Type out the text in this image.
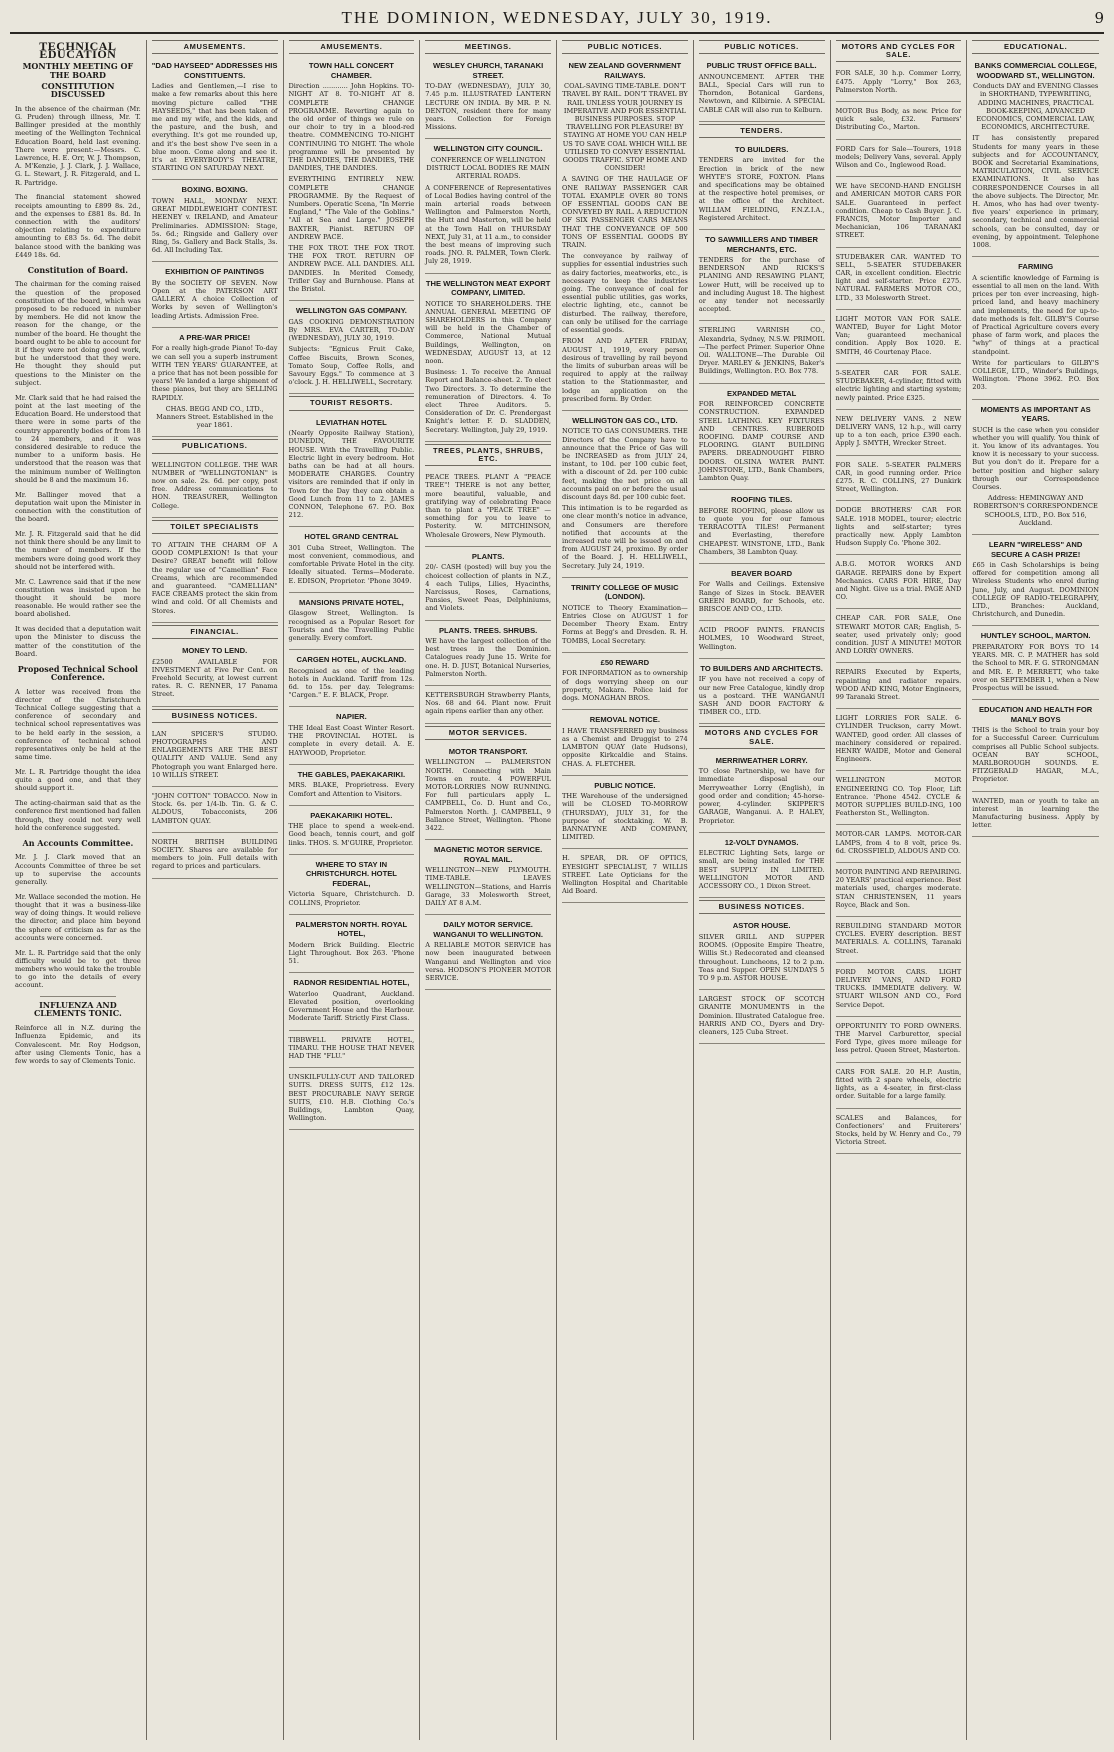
THE DOMINION, WEDNESDAY, JULY 30, 1919.	9
TECHNICAL EDUCATION
MONTHLY MEETING OF THE BOARD
CONSTITUTION DISCUSSED

In the absence of the chairman (Mr. G. Pruden) through illness, Mr. T. Ballinger presided at the monthly meeting of the Wellington Technical Education Board, held last evening. There were present:—Messrs. C. Lawrence, H. E. Orr, W. J. Thompson, A. M'Kenzie, J. J. Clark, J. J. Wallace, G. L. Stewart, J. R. Fitzgerald, and L. R. Partridge.

The financial statement showed receipts amounting to £899 8s. 2d., and the expenses to £881 8s. 8d. In connection with the auditors' objection relating to expenditure amounting to £83 5s. 6d. The debit balance stood with the banking was £449 18s. 6d.

Constitution of Board.

The chairman for the coming raised the question of the proposed constitution of the board, which was proposed to be reduced in number by members. He did not know the reason for the change, or the number of the board. He thought the board ought to be able to account for it if they were not doing good work, but he understood that they were. He thought they should put questions to the Minister on the subject.

Mr. Clark said that he had raised the point at the last meeting of the Education Board. He understood that there were in some parts of the country apparently bodies of from 18 to 24 members, and it was considered desirable to reduce the number to a uniform basis. He understood that the reason was that the minimum number of Wellington should be 8 and the maximum 16.

Mr. Ballinger moved that a deputation wait upon the Minister in connection with the constitution of the board.

Mr. J. R. Fitzgerald said that he did not think there should be any limit to the number of members. If the members were doing good work they should not be interfered with.

Mr. C. Lawrence said that if the new constitution was insisted upon he thought it should be more reasonable. He would rather see the board abolished.

It was decided that a deputation wait upon the Minister to discuss the matter of the constitution of the Board.

Proposed Technical School Conference.

A letter was received from the director of the Christchurch Technical College suggesting that a conference of secondary and technical school representatives was to be held early in the session, a conference of technical school representatives only be held at the same time.

Mr. L. R. Partridge thought the idea quite a good one, and that they should support it.

The acting-chairman said that as the conference first mentioned had fallen through, they could not very well hold the conference suggested.

An Accounts Committee.

Mr. J. J. Clark moved that an Accounts Committee of three be set up to supervise the accounts generally.

Mr. Wallace seconded the motion. He thought that it was a business-like way of doing things. It would relieve the director, and place him beyond the sphere of criticism as far as the accounts were concerned.

Mr. L. R. Partridge said that the only difficulty would be to get three members who would take the trouble to go into the details of every account.

INFLUENZA AND CLEMENTS TONIC.

Reinforce all in N.Z. during the Influenza Epidemic, and its Convalescent. Mr. Roy Hodgson, after using Clements Tonic, has a few words to say of Clements Tonic.

AMUSEMENTS.
"DAD HAYSEED" ADDRESSES HIS CONSTITUENTS.

Ladies and Gentlemen,—I rise to make a few remarks about this here moving picture called "THE HAYSEEDS," that has been taken of me and my wife, and the kids, and the pasture, and the bush, and everything. It's got me rounded up, and it's the best show I've seen in a blue moon. Come along and see it. It's at EVERYBODY'S THEATRE, STARTING ON SATURDAY NEXT.

BOXING. BOXING.

TOWN HALL, MONDAY NEXT. GREAT MIDDLEWEIGHT CONTEST. HEENEY v. IRELAND, and Amateur Preliminaries. ADMISSION: Stage, 5s. 6d.; Ringside and Gallery over Ring, 5s. Gallery and Back Stalls, 3s. 6d. All Including Tax.

EXHIBITION OF PAINTINGS

By the SOCIETY OF SEVEN. Now Open at the PATERSON ART GALLERY. A choice Collection of Works by seven of Wellington's leading Artists. Admission Free.

A PRE-WAR PRICE!

For a really high-grade Piano! To-day we can sell you a superb instrument WITH TEN YEARS' GUARANTEE, at a price that has not been possible for years! We landed a large shipment of these pianos, but they are SELLING RAPIDLY.

CHAS. BEGG AND CO., LTD., Manners Street. Established in the year 1861.

PUBLICATIONS.

WELLINGTON COLLEGE. THE WAR NUMBER of "WELLINGTONIAN" is now on sale. 2s. 6d. per copy, post free. Address communications to HON. TREASURER, Wellington College.

TOILET SPECIALISTS

TO ATTAIN THE CHARM OF A GOOD COMPLEXION! Is that your Desire? GREAT benefit will follow the regular use of "Camellian" Face Creams, which are recommended and guaranteed. "CAMELLIAN" FACE CREAMS protect the skin from wind and cold. Of all Chemists and Stores.

FINANCIAL.
MONEY TO LEND.

£2500 AVAILABLE FOR INVESTMENT at Five Per Cent. on Freehold Security, at lowest current rates. R. C. RENNER, 17 Panama Street.

BUSINESS NOTICES.

LAN SPICER'S STUDIO. PHOTOGRAPHS AND ENLARGEMENTS ARE THE BEST QUALITY AND VALUE. Send any Photograph you want Enlarged here. 10 WILLIS STREET.

"JOHN COTTON" TOBACCO. Now in Stock. 6s. per 1/4-lb. Tin. G. & C. ALDOUS, Tobacconists, 206 LAMBTON QUAY.

NORTH BRITISH BUILDING SOCIETY. Shares are available for members to join. Full details with regard to prices and particulars.

AMUSEMENTS.
TOWN HALL CONCERT CHAMBER.

Direction ............ John Hopkins. TO-NIGHT AT 8. TO-NIGHT AT 8. COMPLETE CHANGE PROGRAMME. Reverting again to the old order of things we rule on our choir to try in a blood-red theatre. COMMENCING TO-NIGHT CONTINUING TO NIGHT. The whole programme will be presented by THE DANDIES, THE DANDIES, THE DANDIES, THE DANDIES.

EVERYTHING ENTIRELY NEW. COMPLETE CHANGE PROGRAMME. By the Request of Numbers. Operatic Scena, "In Merrie England," "The Vale of the Goblins." "All at Sea and Large." JOSEPH BAXTER, Pianist. RETURN OF ANDREW PACE.

THE FOX TROT. THE FOX TROT. THE FOX TROT. RETURN OF ANDREW PACE. ALL DANDIES. ALL DANDIES. In Merited Comedy, Trifler Gay and Burnhouse. Plans at the Bristol.

WELLINGTON GAS COMPANY.

GAS COOKING DEMONSTRATION By MRS. EVA CARTER, TO-DAY (WEDNESDAY), JULY 30, 1919.

Subjects: "Egnicus Fruit Cake, Coffee Biscuits, Brown Scones, Tomato Soup, Coffee Rolls, and Savoury Eggs." To commence at 3 o'clock. J. H. HELLIWELL, Secretary.

TOURIST RESORTS.
LEVIATHAN HOTEL

(Nearly Opposite Railway Station), DUNEDIN, THE FAVOURITE HOUSE. With the Travelling Public. Electric light in every bedroom. Hot baths can be had at all hours. MODERATE CHARGES. Country visitors are reminded that if only in Town for the Day they can obtain a Good Lunch from 11 to 2. JAMES CONNON, Telephone 67. P.O. Box 212.

HOTEL GRAND CENTRAL

301 Cuba Street, Wellington. The most convenient, commodious, and comfortable Private Hotel in the city. Ideally situated. Terms—Moderate. E. EDISON, Proprietor. 'Phone 3049.

MANSIONS PRIVATE HOTEL,

Glasgow Street, Wellington. Is recognised as a Popular Resort for Tourists and the Travelling Public generally. Every comfort.

CARGEN HOTEL, AUCKLAND.

Recognised as one of the leading hotels in Auckland. Tariff from 12s. 6d. to 15s. per day. Telegrams: "Cargen." E. F. BLACK, Propr.

NAPIER.

THE Ideal East Coast Winter Resort. THE PROVINCIAL HOTEL is complete in every detail. A. E. HAYWOOD, Proprietor.

THE GABLES, PAEKAKARIKI.

MRS. BLAKE, Proprietress. Every Comfort and Attention to Visitors.

PAEKAKARIKI HOTEL.

THE place to spend a week-end. Good beach, tennis court, and golf links. THOS. S. M'GUIRE, Proprietor.

WHERE TO STAY IN CHRISTCHURCH. HOTEL FEDERAL,

Victoria Square, Christchurch. D. COLLINS, Proprietor.

PALMERSTON NORTH. ROYAL HOTEL,

Modern Brick Building. Electric Light Throughout. Box 263. 'Phone 51.

RADNOR RESIDENTIAL HOTEL,

Waterloo Quadrant, Auckland. Elevated position, overlooking Government House and the Harbour. Moderate Tariff. Strictly First Class.

TIBBWELL PRIVATE HOTEL, TIMARU. THE HOUSE THAT NEVER HAD THE "FLU."

UNSKILFULLY-CUT AND TAILORED SUITS. DRESS SUITS, £12 12s. BEST PROCURABLE NAVY SERGE SUITS, £10. H.B. Clothing Co.'s Buildings, Lambton Quay, Wellington.

MEETINGS.
WESLEY CHURCH, TARANAKI STREET.

TO-DAY (WEDNESDAY), JULY 30, 7.45 p.m. ILLUSTRATED LANTERN LECTURE ON INDIA. By MR. P. N. DENTON, resident there for many years. Collection for Foreign Missions.

WELLINGTON CITY COUNCIL.

CONFERENCE OF WELLINGTON DISTRICT LOCAL BODIES RE MAIN ARTERIAL ROADS.

A CONFERENCE of Representatives of Local Bodies having control of the main arterial roads between Wellington and Palmerston North, the Hutt and Masterton, will be held at the Town Hall on THURSDAY NEXT, July 31, at 11 a.m., to consider the best means of improving such roads. JNO. R. PALMER, Town Clerk. July 28, 1919.

THE WELLINGTON MEAT EXPORT COMPANY, LIMITED.

NOTICE TO SHAREHOLDERS. THE ANNUAL GENERAL MEETING OF SHAREHOLDERS in this Company will be held in the Chamber of Commerce, National Mutual Buildings, Wellington, on WEDNESDAY, AUGUST 13, at 12 noon.

Business: 1. To receive the Annual Report and Balance-sheet. 2. To elect Two Directors. 3. To determine the remuneration of Directors. 4. To elect Three Auditors. 5. Consideration of Dr. C. Prendergast Knight's letter. F. D. SLADDEN, Secretary. Wellington, July 29, 1919.

TREES, PLANTS, SHRUBS, ETC.

PEACE TREES. PLANT A "PEACE TREE"! THERE is not any better, more beautiful, valuable, and gratifying way of celebrating Peace than to plant a "PEACE TREE" — something for you to leave to Posterity. W. MITCHINSON, Wholesale Growers, New Plymouth.

PLANTS.

20/- CASH (posted) will buy you the choicest collection of plants in N.Z., 4 each Tulips, Lilies, Hyacinths, Narcissus, Roses, Carnations, Pansies, Sweet Peas, Delphiniums, and Violets.

PLANTS. TREES. SHRUBS.

WE have the largest collection of the best trees in the Dominion. Catalogues ready June 15. Write for one. H. D. JUST, Botanical Nurseries, Palmerston North.

KETTERSBURGH Strawberry Plants, Nos. 68 and 64. Plant now. Fruit again ripens earlier than any other.

MOTOR SERVICES.
MOTOR TRANSPORT.

WELLINGTON — PALMERSTON NORTH. Connecting with Main Towns en route. 4 POWERFUL MOTOR-LORRIES NOW RUNNING. For full particulars apply L. CAMPBELL, Co. D. Hunt and Co., Palmerston North. J. CAMPBELL, 9 Ballance Street, Wellington. 'Phone 3422.

MAGNETIC MOTOR SERVICE. ROYAL MAIL.

WELLINGTON—NEW PLYMOUTH. TIME-TABLE. LEAVES WELLINGTON—Stations, and Harris Garage, 33 Molesworth Street, DAILY AT 8 A.M.

DAILY MOTOR SERVICE. WANGANUI TO WELLINGTON.

A RELIABLE MOTOR SERVICE has now been inaugurated between Wanganui and Wellington and vice versa. HODSON'S PIONEER MOTOR SERVICE.

PUBLIC NOTICES.
NEW ZEALAND GOVERNMENT RAILWAYS.

COAL-SAVING TIME-TABLE. DON'T TRAVEL BY RAIL. DON'T TRAVEL BY RAIL UNLESS YOUR JOURNEY IS IMPERATIVE AND FOR ESSENTIAL BUSINESS PURPOSES. STOP TRAVELLING FOR PLEASURE! BY STAYING AT HOME YOU CAN HELP US TO SAVE COAL WHICH WILL BE UTILISED TO CONVEY ESSENTIAL GOODS TRAFFIC. STOP HOME AND CONSIDER!

A SAVING OF THE HAULAGE OF ONE RAILWAY PASSENGER CAR TOTAL EXAMPLE OVER 80 TONS OF ESSENTIAL GOODS CAN BE CONVEYED BY RAIL. A REDUCTION OF SIX PASSENGER CARS MEANS THAT THE CONVEYANCE OF 500 TONS OF ESSENTIAL GOODS BY TRAIN.

The conveyance by railway of supplies for essential industries such as dairy factories, meatworks, etc., is necessary to keep the industries going. The conveyance of coal for essential public utilities, gas works, electric lighting, etc., cannot be disturbed. The railway, therefore, can only be utilised for the carriage of essential goods.

FROM AND AFTER FRIDAY, AUGUST 1, 1919, every person desirous of travelling by rail beyond the limits of suburban areas will be required to apply at the railway station to the Stationmaster, and lodge an application on the prescribed form. By Order.

WELLINGTON GAS CO., LTD.

NOTICE TO GAS CONSUMERS. THE Directors of the Company have to announce that the Price of Gas will be INCREASED as from JULY 24, instant, to 10d. per 100 cubic feet, with a discount of 2d. per 100 cubic feet, making the net price on all accounts paid on or before the usual discount days 8d. per 100 cubic feet.

This intimation is to be regarded as one clear month's notice in advance, and Consumers are therefore notified that accounts at the increased rate will be issued on and from AUGUST 24, proximo. By order of the Board. J. H. HELLIWELL, Secretary. July 24, 1919.

TRINITY COLLEGE OF MUSIC (LONDON).

NOTICE to Theory Examination—Entries Close on AUGUST 1 for December Theory Exam. Entry Forms at Begg's and Dresden. R. H. TOMBS, Local Secretary.

£50 REWARD

FOR INFORMATION as to ownership of dogs worrying sheep on our property, Makara. Police laid for dogs. MONAGHAN BROS.

REMOVAL NOTICE.

I HAVE TRANSFERRED my business as a Chemist and Druggist to 274 LAMBTON QUAY (late Hudsons), opposite Kirkcaldie and Stains. CHAS. A. FLETCHER.

PUBLIC NOTICE.

THE Warehouse of the undersigned will be CLOSED TO-MORROW (THURSDAY), JULY 31, for the purpose of stocktaking. W. B. BANNATYNE AND COMPANY, LIMITED.

H. SPEAR, DR. OF OPTICS, EYESIGHT SPECIALIST, 7 WILLIS STREET. Late Opticians for the Wellington Hospital and Charitable Aid Board.

PUBLIC NOTICES.
PUBLIC TRUST OFFICE BALL.

ANNOUNCEMENT. AFTER THE BALL, Special Cars will run to Thorndon, Botanical Gardens, Newtown, and Kilbirnie. A SPECIAL CABLE CAR will also run to Kelburn.

TENDERS.
TO BUILDERS.

TENDERS are invited for the Erection in brick of the new WHYTE'S STORE, FOXTON. Plans and specifications may be obtained at the respective hotel premises, or at the office of the Architect. WILLIAM FIELDING, F.N.Z.I.A., Registered Architect.

TO SAWMILLERS AND TIMBER MERCHANTS, ETC.

TENDERS for the purchase of BENDERSON AND RICKS'S PLANING AND RESAWING PLANT, Lower Hutt, will be received up to and including August 18. The highest or any tender not necessarily accepted.

STERLING VARNISH CO., Alexandria, Sydney, N.S.W. PRIMOIL—The perfect Primer. Superior Ohne Oil. WALLTONE—The Durable Oil Dryer. MARLEY & JENKINS, Baker's Buildings, Wellington. P.O. Box 778.

EXPANDED METAL

FOR REINFORCED CONCRETE CONSTRUCTION. EXPANDED STEEL LATHING. KEY FIXTURES AND CENTRES. RUBEROID ROOFING. DAMP COURSE AND FLOORING. GIANT BUILDING PAPERS. DREADNOUGHT FIBRO DOORS. OLSINA WATER PAINT. JOHNSTONE, LTD., Bank Chambers, Lambton Quay.

ROOFING TILES.

BEFORE ROOFING, please allow us to quote you for our famous TERRACOTTA TILES! Permanent and Everlasting, therefore CHEAPEST. WINSTONE, LTD., Bank Chambers, 38 Lambton Quay.

BEAVER BOARD

For Walls and Ceilings. Extensive Range of Sizes in Stock. BEAVER GREEN BOARD, for Schools, etc. BRISCOE AND CO., LTD.

ACID PROOF PAINTS. FRANCIS HOLMES, 10 Woodward Street, Wellington.

TO BUILDERS AND ARCHITECTS.

IF you have not received a copy of our new Free Catalogue, kindly drop us a postcard. THE WANGANUI SASH AND DOOR FACTORY & TIMBER CO., LTD.

MOTORS AND CYCLES FOR SALE.
MERRIWEATHER LORRY.

TO close Partnership, we have for immediate disposal our Merryweather Lorry (English), in good order and condition; 45-horse-power, 4-cylinder. SKIPPER'S GARAGE, Wanganui. A. P. HALEY, Proprietor.

12-VOLT DYNAMOS.

ELECTRIC Lighting Sets, large or small, are being installed for THE BEST SUPPLY IN LIMITED. WELLINGTON MOTOR AND ACCESSORY CO., 1 Dixon Street.

BUSINESS NOTICES.
ASTOR HOUSE.

SILVER GRILL AND SUPPER ROOMS. (Opposite Empire Theatre, Willis St.) Redecorated and cleansed throughout. Luncheons, 12 to 2 p.m. Teas and Supper. OPEN SUNDAYS 5 TO 9 p.m. ASTOR HOUSE.

LARGEST STOCK OF SCOTCH GRANITE MONUMENTS in the Dominion. Illustrated Catalogue free. HARRIS AND CO., Dyers and Dry-cleaners, 125 Cuba Street.

MOTORS AND CYCLES FOR SALE.

FOR SALE, 30 h.p. Commer Lorry, £475. Apply "Lorry," Box 263, Palmerston North.

MOTOR Bus Body, as new. Price for quick sale, £32. Farmers' Distributing Co., Marton.

FORD Cars for Sale—Tourers, 1918 models; Delivery Vans, several. Apply Wilson and Co., Inglewood Road.

WE have SECOND-HAND ENGLISH and AMERICAN MOTOR CARS FOR SALE. Guaranteed in perfect condition. Cheap to Cash Buyer. J. C. FRANCIS, Motor Importer and Mechanician, 106 TARANAKI STREET.

STUDEBAKER CAR. WANTED TO SELL, 5-SEATER STUDEBAKER CAR, in excellent condition. Electric light and self-starter. Price £275. NATURAL FARMERS MOTOR CO., LTD., 33 Molesworth Street.

LIGHT MOTOR VAN FOR SALE. WANTED, Buyer for Light Motor Van; guaranteed mechanical condition. Apply Box 1020. E. SMITH, 46 Courtenay Place.

5-SEATER CAR FOR SALE. STUDEBAKER, 4-cylinder, fitted with electric lighting and starting system; newly painted. Price £325.

NEW DELIVERY VANS. 2 NEW DELIVERY VANS, 12 h.p., will carry up to a ton each, price £390 each. Apply J. SMYTH, Wrecker Street.

FOR SALE. 5-SEATER PALMERS CAR, in good running order. Price £275. R. C. COLLINS, 27 Dunkirk Street, Wellington.

DODGE BROTHERS' CAR FOR SALE. 1918 MODEL, tourer; electric lights and self-starter; tyres practically new. Apply Lambton Hudson Supply Co. 'Phone 302.

A.B.G. MOTOR WORKS AND GARAGE. REPAIRS done by Expert Mechanics. CARS FOR HIRE, Day and Night. Give us a trial. PAGE AND CO.

CHEAP CAR. FOR SALE, One STEWART MOTOR CAR; English, 5-seater, used privately only; good condition. JUST A MINUTE! MOTOR AND LORRY OWNERS.

REPAIRS Executed by Experts, repainting and radiator repairs. WOOD AND KING, Motor Engineers, 99 Taranaki Street.

LIGHT LORRIES FOR SALE. 6-CYLINDER Truckson, carry Mowt. WANTED, good order. All classes of machinery considered or repaired. HENRY WAIDE, Motor and General Engineers.

WELLINGTON MOTOR ENGINEERING CO. Top Floor, Lift Entrance. 'Phone 4542. CYCLE & MOTOR SUPPLIES BUILD-ING, 100 Featherston St., Wellington.

MOTOR-CAR LAMPS. MOTOR-CAR LAMPS, from 4 to 8 volt, price 9s. 6d. CROSSFIELD, ALDOUS AND CO.

MOTOR PAINTING AND REPAIRING. 20 YEARS' practical experience. Best materials used, charges moderate. STAN CHRISTENSEN, 11 years Royce, Black and Son.

REBUILDING STANDARD MOTOR CYCLES. EVERY description. BEST MATERIALS. A. COLLINS, Taranaki Street.

FORD MOTOR CARS. LIGHT DELIVERY VANS, AND FORD TRUCKS. IMMEDIATE delivery. W. STUART WILSON AND CO., Ford Service Depot.

OPPORTUNITY TO FORD OWNERS. THE Marvel Carburettor, special Ford Type, gives more mileage for less petrol. Queen Street, Masterton.

CARS FOR SALE. 20 H.P. Austin, fitted with 2 spare wheels, electric lights, as a 4-seater, in first-class order. Suitable for a large family.

SCALES and Balances, for Confectioners' and Fruiterers' Stocks, held by W. Henry and Co., 79 Victoria Street.

EDUCATIONAL.
BANKS COMMERCIAL COLLEGE, WOODWARD ST., WELLINGTON.

Conducts DAY and EVENING Classes in SHORTHAND, TYPEWRITING, ADDING MACHINES, PRACTICAL BOOK-KEEPING, ADVANCED ECONOMICS, COMMERCIAL LAW, ECONOMICS, ARCHITECTURE.

IT has consistently prepared Students for many years in these subjects and for ACCOUNTANCY, BOOK and Secretarial Examinations, MATRICULATION, CIVIL SERVICE EXAMINATIONS. It also has CORRESPONDENCE Courses in all the above subjects. The Director, Mr. H. Amos, who has had over twenty-five years' experience in primary, secondary, technical and commercial schools, can be consulted, day or evening, by appointment. Telephone 1008.

FARMING

A scientific knowledge of Farming is essential to all men on the land. With prices per ton ever increasing, high-priced land, and heavy machinery and implements, the need for up-to-date methods is felt. GILBY'S Course of Practical Agriculture covers every phase of farm work, and places the "why" of things at a practical standpoint.

Write for particulars to GILBY'S COLLEGE, LTD., Winder's Buildings, Wellington. 'Phone 3962. P.O. Box 203.

MOMENTS AS IMPORTANT AS YEARS.

SUCH is the case when you consider whether you will qualify. You think of it. You know of its advantages. You know it is necessary to your success. But you don't do it. Prepare for a better position and higher salary through our Correspondence Courses.

Address: HEMINGWAY AND ROBERTSON'S CORRESPONDENCE SCHOOLS, LTD., P.O. Box 516, Auckland.

LEARN "WIRELESS" AND SECURE A CASH PRIZE!

£65 in Cash Scholarships is being offered for competition among all Wireless Students who enrol during June, July, and August. DOMINION COLLEGE OF RADIO-TELEGRAPHY, LTD., Branches: Auckland, Christchurch, and Dunedin.

HUNTLEY SCHOOL, MARTON.

PREPARATORY FOR BOYS TO 14 YEARS. MR. C. P. MATHER has sold the School to MR. F. G. STRONGMAN and MR. E. P. MERRETT, who take over on SEPTEMBER 1, when a New Prospectus will be issued.

EDUCATION AND HEALTH FOR MANLY BOYS

THIS is the School to train your boy for a Successful Career. Curriculum comprises all Public School subjects. OCEAN BAY SCHOOL, MARLBOROUGH SOUNDS. E. FITZGERALD HAGAR, M.A., Proprietor.

WANTED, man or youth to take an interest in learning the Manufacturing business. Apply by letter.
